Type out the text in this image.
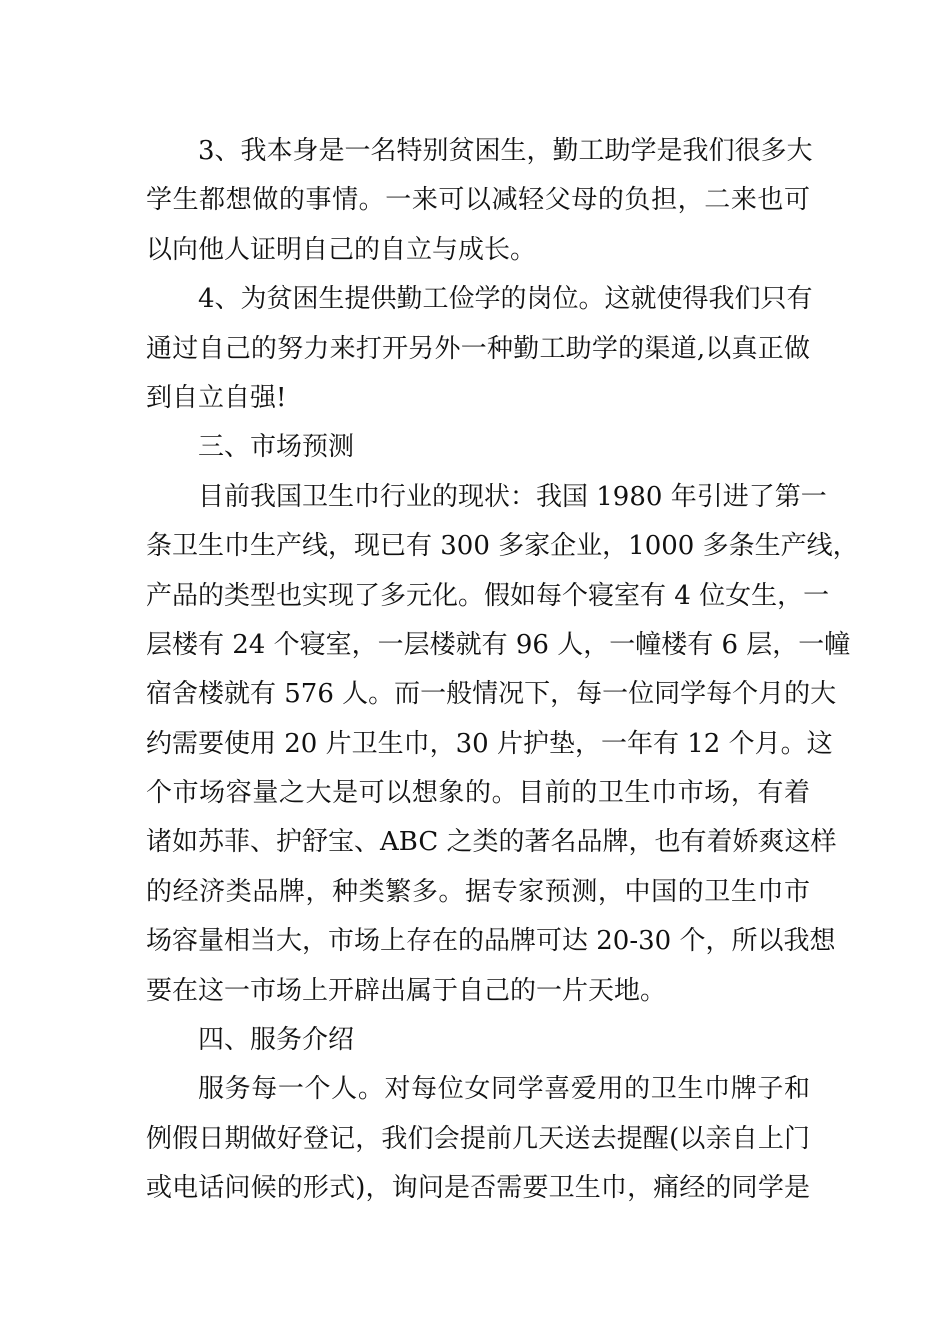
3、我本身是一名特别贫困生，勤工助学是我们很多大
学生都想做的事情。一来可以减轻父母的负担，二来也可
以向他人证明自己的自立与成长。
4、为贫困生提供勤工俭学的岗位。这就使得我们只有
通过自己的努力来打开另外一种勤工助学的渠道,以真正做
到自立自强!
三、市场预测
目前我国卫生巾行业的现状：我国 1980 年引进了第一
条卫生巾生产线，现已有 300 多家企业，1000 多条生产线，
产品的类型也实现了多元化。假如每个寝室有 4 位女生，一
层楼有 24 个寝室，一层楼就有 96 人，一幢楼有 6 层，一幢
宿舍楼就有 576 人。而一般情况下，每一位同学每个月的大
约需要使用 20 片卫生巾，30 片护垫，一年有 12 个月。这
个市场容量之大是可以想象的。目前的卫生巾市场，有着
诸如苏菲、护舒宝、ABC 之类的著名品牌，也有着娇爽这样
的经济类品牌，种类繁多。据专家预测，中国的卫生巾市
场容量相当大，市场上存在的品牌可达 20-30 个，所以我想
要在这一市场上开辟出属于自己的一片天地。
四、服务介绍
服务每一个人。对每位女同学喜爱用的卫生巾牌子和
例假日期做好登记，我们会提前几天送去提醒(以亲自上门
或电话问候的形式)，询问是否需要卫生巾，痛经的同学是
